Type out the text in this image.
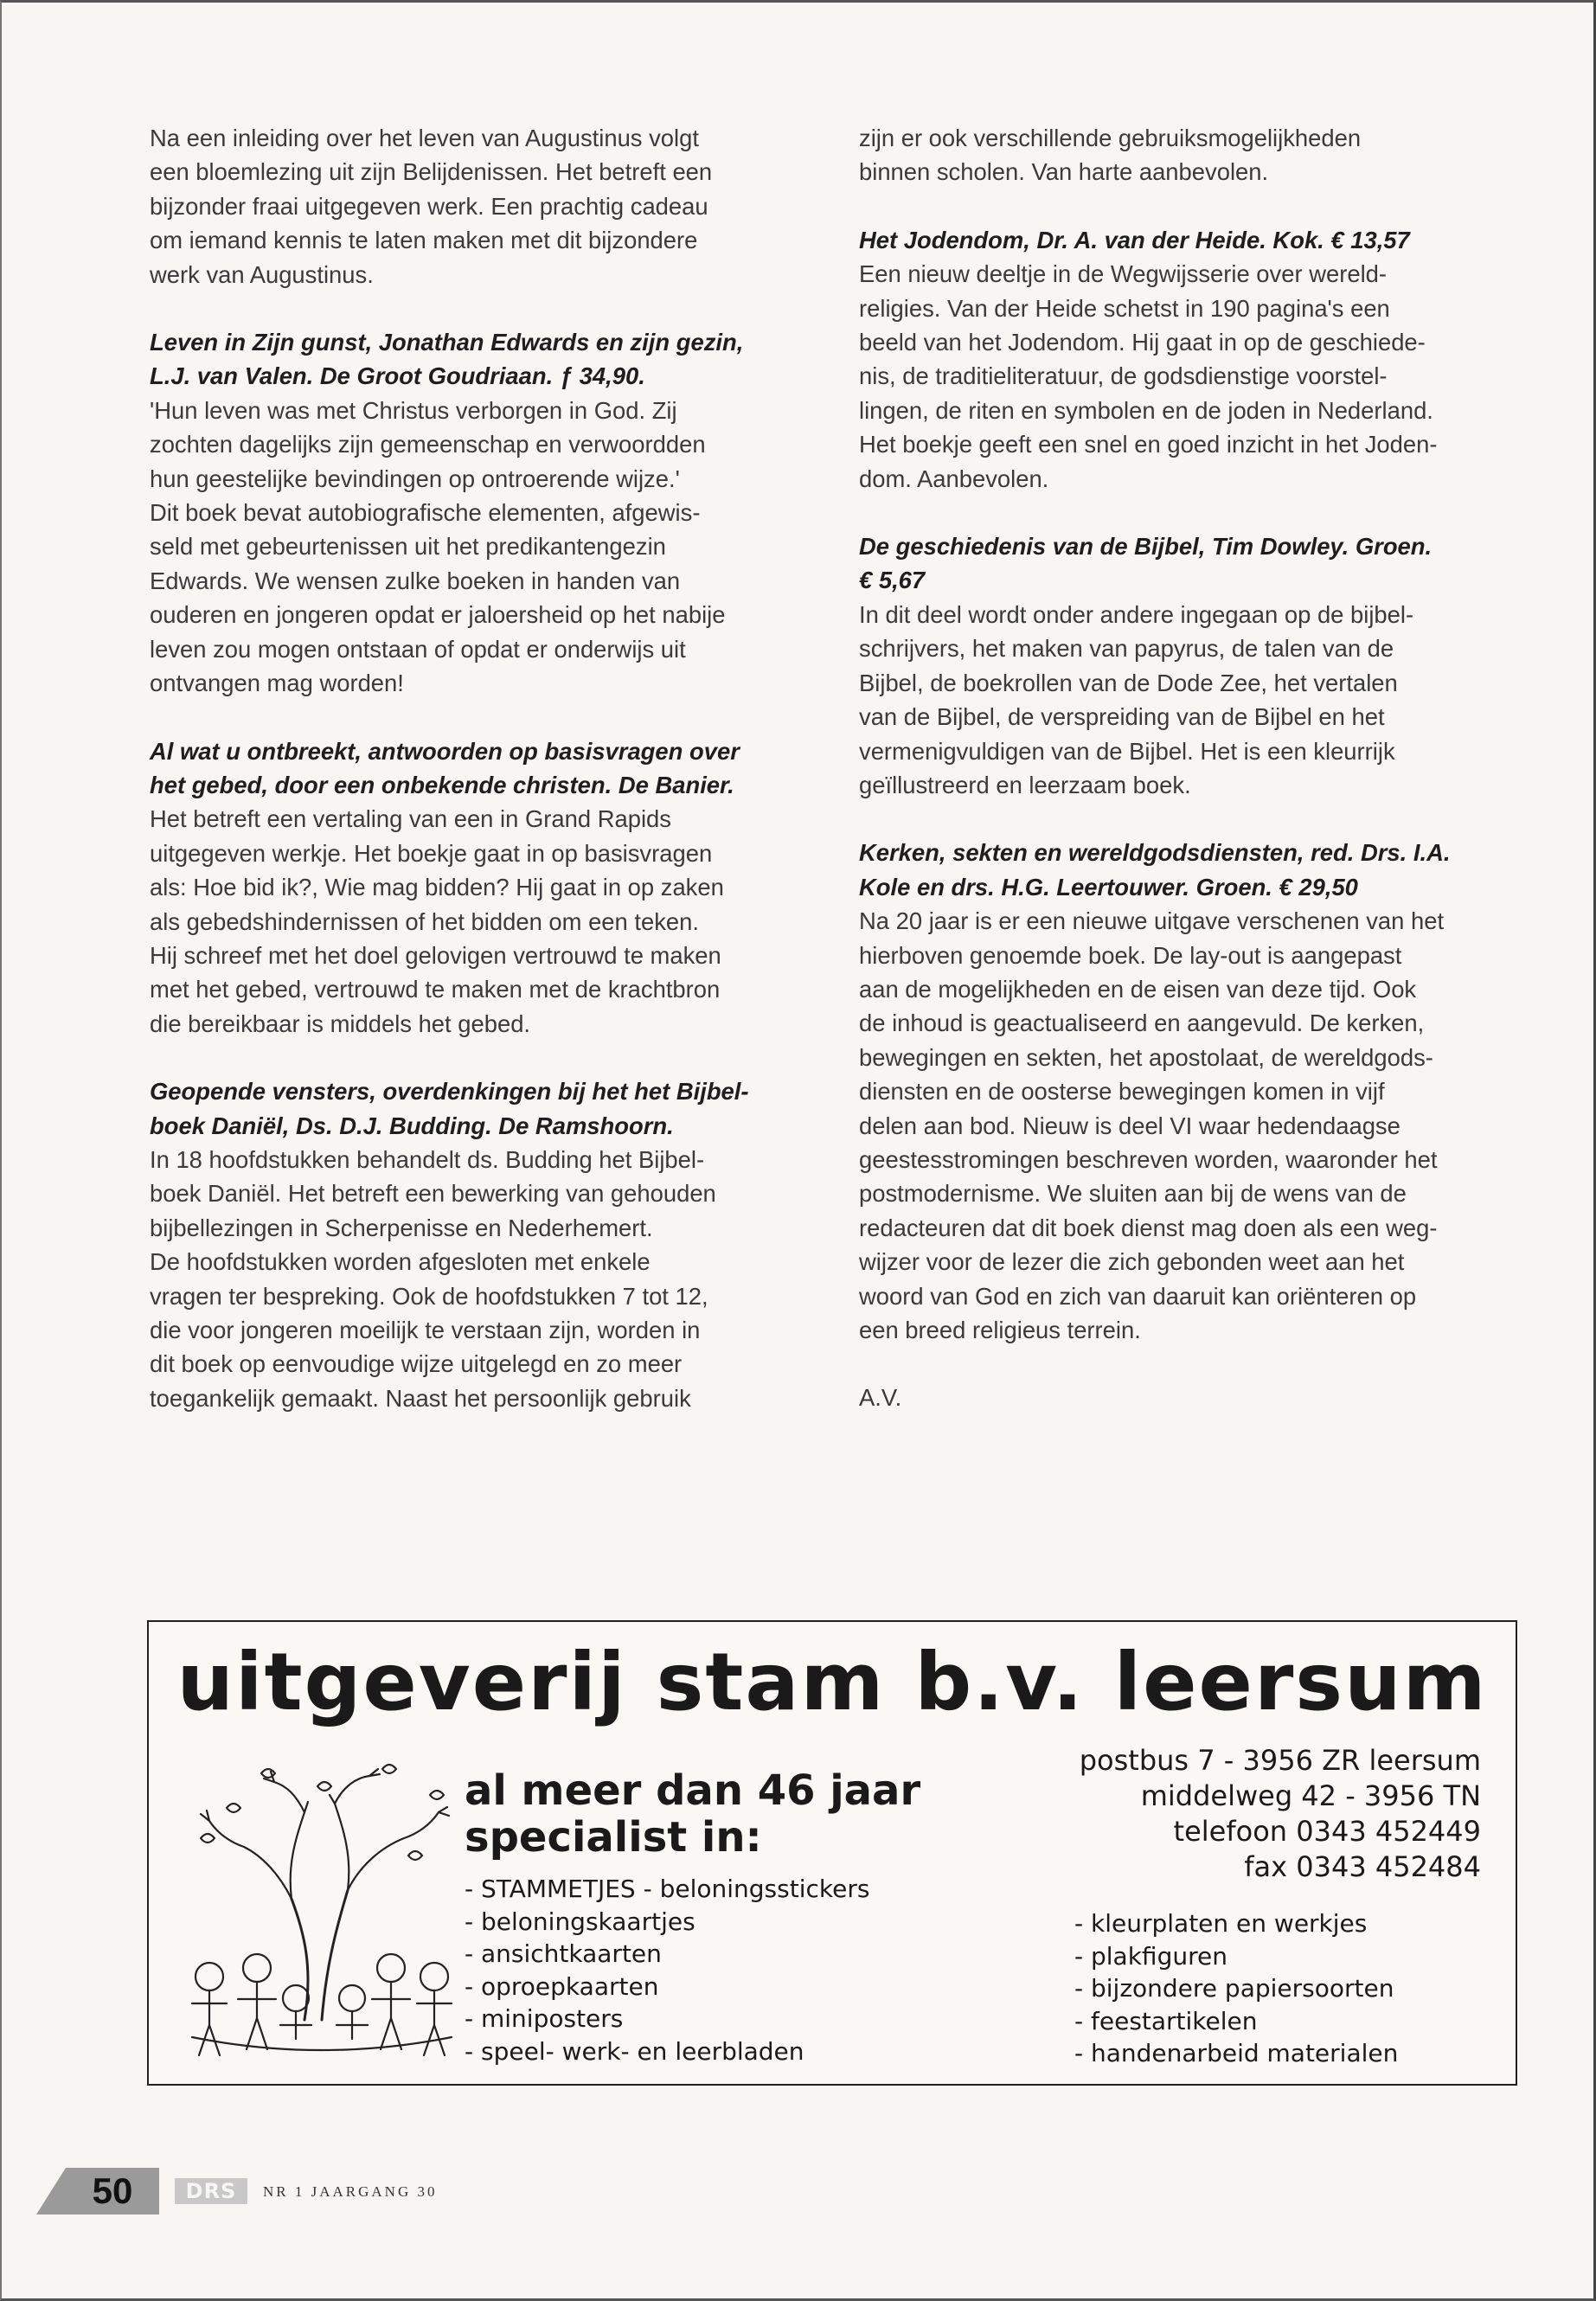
Na een inleiding over het leven van Augustinus volgt

een bloemlezing uit zijn Belijdenissen. Het betreft een

bijzonder fraai uitgegeven werk. Een prachtig cadeau

om iemand kennis te laten maken met dit bijzondere

werk van Augustinus.

Leven in Zijn gunst, Jonathan Edwards en zijn gezin,

L.J. van Valen. De Groot Goudriaan. ƒ 34,90.

'Hun leven was met Christus verborgen in God. Zij

zochten dagelijks zijn gemeenschap en verwoordden

hun geestelijke bevindingen op ontroerende wijze.'

Dit boek bevat autobiografische elementen, afgewis-

seld met gebeurtenissen uit het predikantengezin

Edwards. We wensen zulke boeken in handen van

ouderen en jongeren opdat er jaloersheid op het nabije

leven zou mogen ontstaan of opdat er onderwijs uit

ontvangen mag worden!

Al wat u ontbreekt, antwoorden op basisvragen over

het gebed, door een onbekende christen. De Banier.

Het betreft een vertaling van een in Grand Rapids

uitgegeven werkje. Het boekje gaat in op basisvragen

als: Hoe bid ik?, Wie mag bidden? Hij gaat in op zaken

als gebedshindernissen of het bidden om een teken.

Hij schreef met het doel gelovigen vertrouwd te maken

met het gebed, vertrouwd te maken met de krachtbron

die bereikbaar is middels het gebed.

Geopende vensters, overdenkingen bij het het Bijbel-

boek Daniël, Ds. D.J. Budding. De Ramshoorn.

In 18 hoofdstukken behandelt ds. Budding het Bijbel-

boek Daniël. Het betreft een bewerking van gehouden

bijbellezingen in Scherpenisse en Nederhemert.

De hoofdstukken worden afgesloten met enkele

vragen ter bespreking. Ook de hoofdstukken 7 tot 12,

die voor jongeren moeilijk te verstaan zijn, worden in

dit boek op eenvoudige wijze uitgelegd en zo meer

toegankelijk gemaakt. Naast het persoonlijk gebruik

zijn er ook verschillende gebruiksmogelijkheden

binnen scholen. Van harte aanbevolen.

Het Jodendom, Dr. A. van der Heide. Kok. € 13,57

Een nieuw deeltje in de Wegwijsserie over wereld-

religies. Van der Heide schetst in 190 pagina's een

beeld van het Jodendom. Hij gaat in op de geschiede-

nis, de traditieliteratuur, de godsdienstige voorstel-

lingen, de riten en symbolen en de joden in Nederland.

Het boekje geeft een snel en goed inzicht in het Joden-

dom. Aanbevolen.

De geschiedenis van de Bijbel, Tim Dowley. Groen.

€ 5,67

In dit deel wordt onder andere ingegaan op de bijbel-

schrijvers, het maken van papyrus, de talen van de

Bijbel, de boekrollen van de Dode Zee, het vertalen

van de Bijbel, de verspreiding van de Bijbel en het

vermenigvuldigen van de Bijbel. Het is een kleurrijk

geïllustreerd en leerzaam boek.

Kerken, sekten en wereldgodsdiensten, red. Drs. I.A.

Kole en drs. H.G. Leertouwer. Groen. € 29,50

Na 20 jaar is er een nieuwe uitgave verschenen van het

hierboven genoemde boek. De lay-out is aangepast

aan de mogelijkheden en de eisen van deze tijd. Ook

de inhoud is geactualiseerd en aangevuld. De kerken,

bewegingen en sekten, het apostolaat, de wereldgods-

diensten en de oosterse bewegingen komen in vijf

delen aan bod. Nieuw is deel VI waar hedendaagse

geestesstromingen beschreven worden, waaronder het

postmodernisme. We sluiten aan bij de wens van de

redacteuren dat dit boek dienst mag doen als een weg-

wijzer voor de lezer die zich gebonden weet aan het

woord van God en zich van daaruit kan oriënteren op

een breed religieus terrein.

A.V.

uitgeverij stam b.v. leersum
al meer dan 46 jaar
specialist in:
- STAMMETJES - beloningsstickers
- beloningskaartjes
- ansichtkaarten
- oproepkaarten
- miniposters
- speel- werk- en leerbladen
postbus 7 - 3956 ZR leersum
middelweg 42 - 3956 TN
telefoon 0343 452449
fax 0343 452484
- kleurplaten en werkjes
- plakfiguren
- bijzondere papiersoorten
- feestartikelen
- handenarbeid materialen
50	DRS	NR 1 JAARGANG 30
